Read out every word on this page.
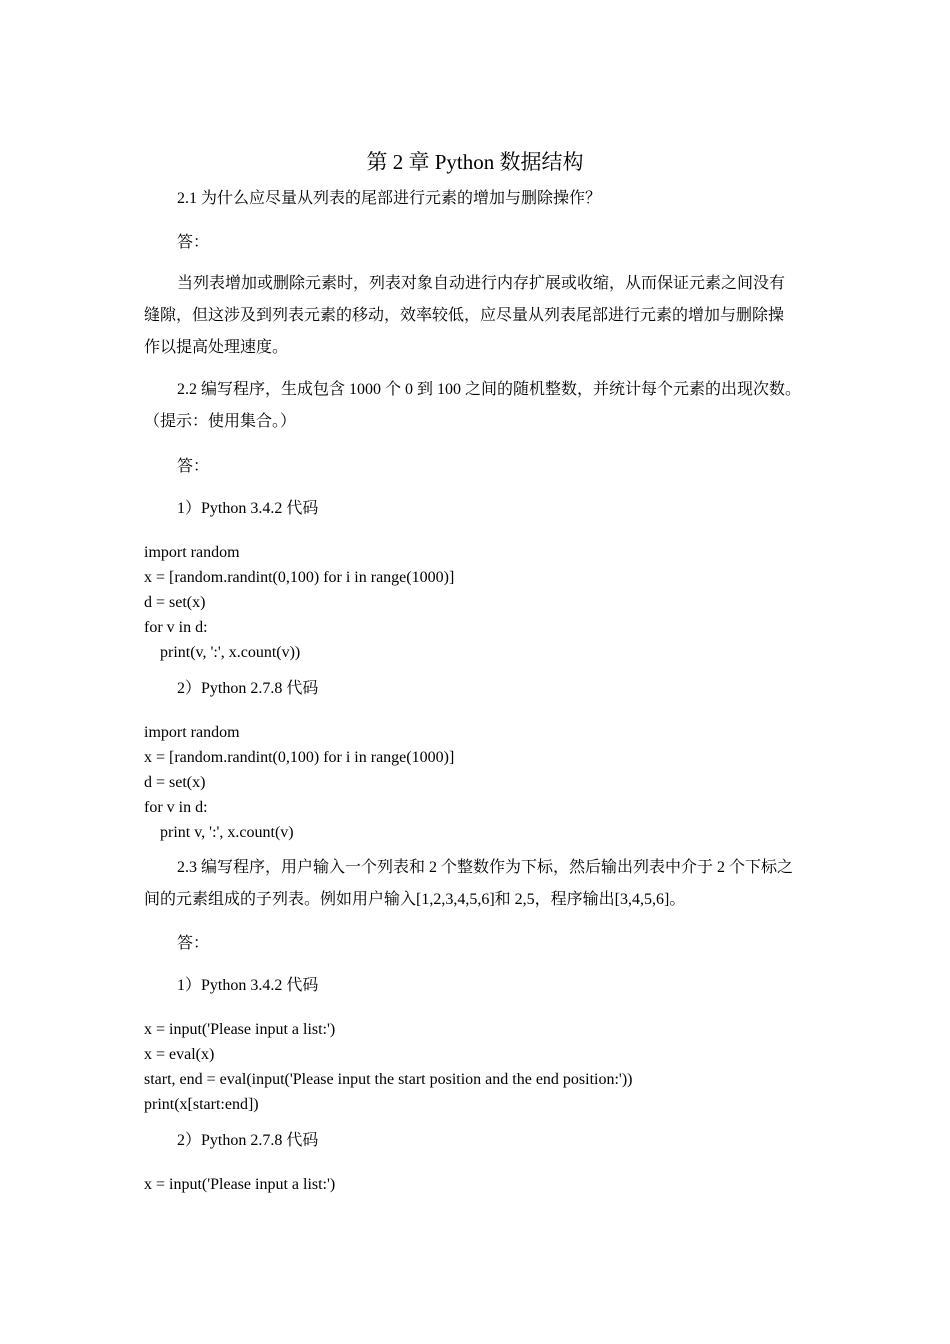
第 2 章 Python 数据结构
2.1 为什么应尽量从列表的尾部进行元素的增加与删除操作？
答：
当列表增加或删除元素时，列表对象自动进行内存扩展或收缩，从而保证元素之间没有
缝隙，但这涉及到列表元素的移动，效率较低，应尽量从列表尾部进行元素的增加与删除操
作以提高处理速度。
2.2 编写程序，生成包含 1000 个 0 到 100 之间的随机整数，并统计每个元素的出现次数。
（提示：使用集合。）
答：
1）Python 3.4.2 代码
import random
x = [random.randint(0,100) for i in range(1000)]
d = set(x)
for v in d:
print(v, ':', x.count(v))
2）Python 2.7.8 代码
import random
x = [random.randint(0,100) for i in range(1000)]
d = set(x)
for v in d:
print v, ':', x.count(v)
2.3 编写程序，用户输入一个列表和 2 个整数作为下标，然后输出列表中介于 2 个下标之
间的元素组成的子列表。例如用户输入[1,2,3,4,5,6]和 2,5，程序输出[3,4,5,6]。
答：
1）Python 3.4.2 代码
x = input('Please input a list:')
x = eval(x)
start, end = eval(input('Please input the start position and the end position:'))
print(x[start:end])
2）Python 2.7.8 代码
x = input('Please input a list:')
